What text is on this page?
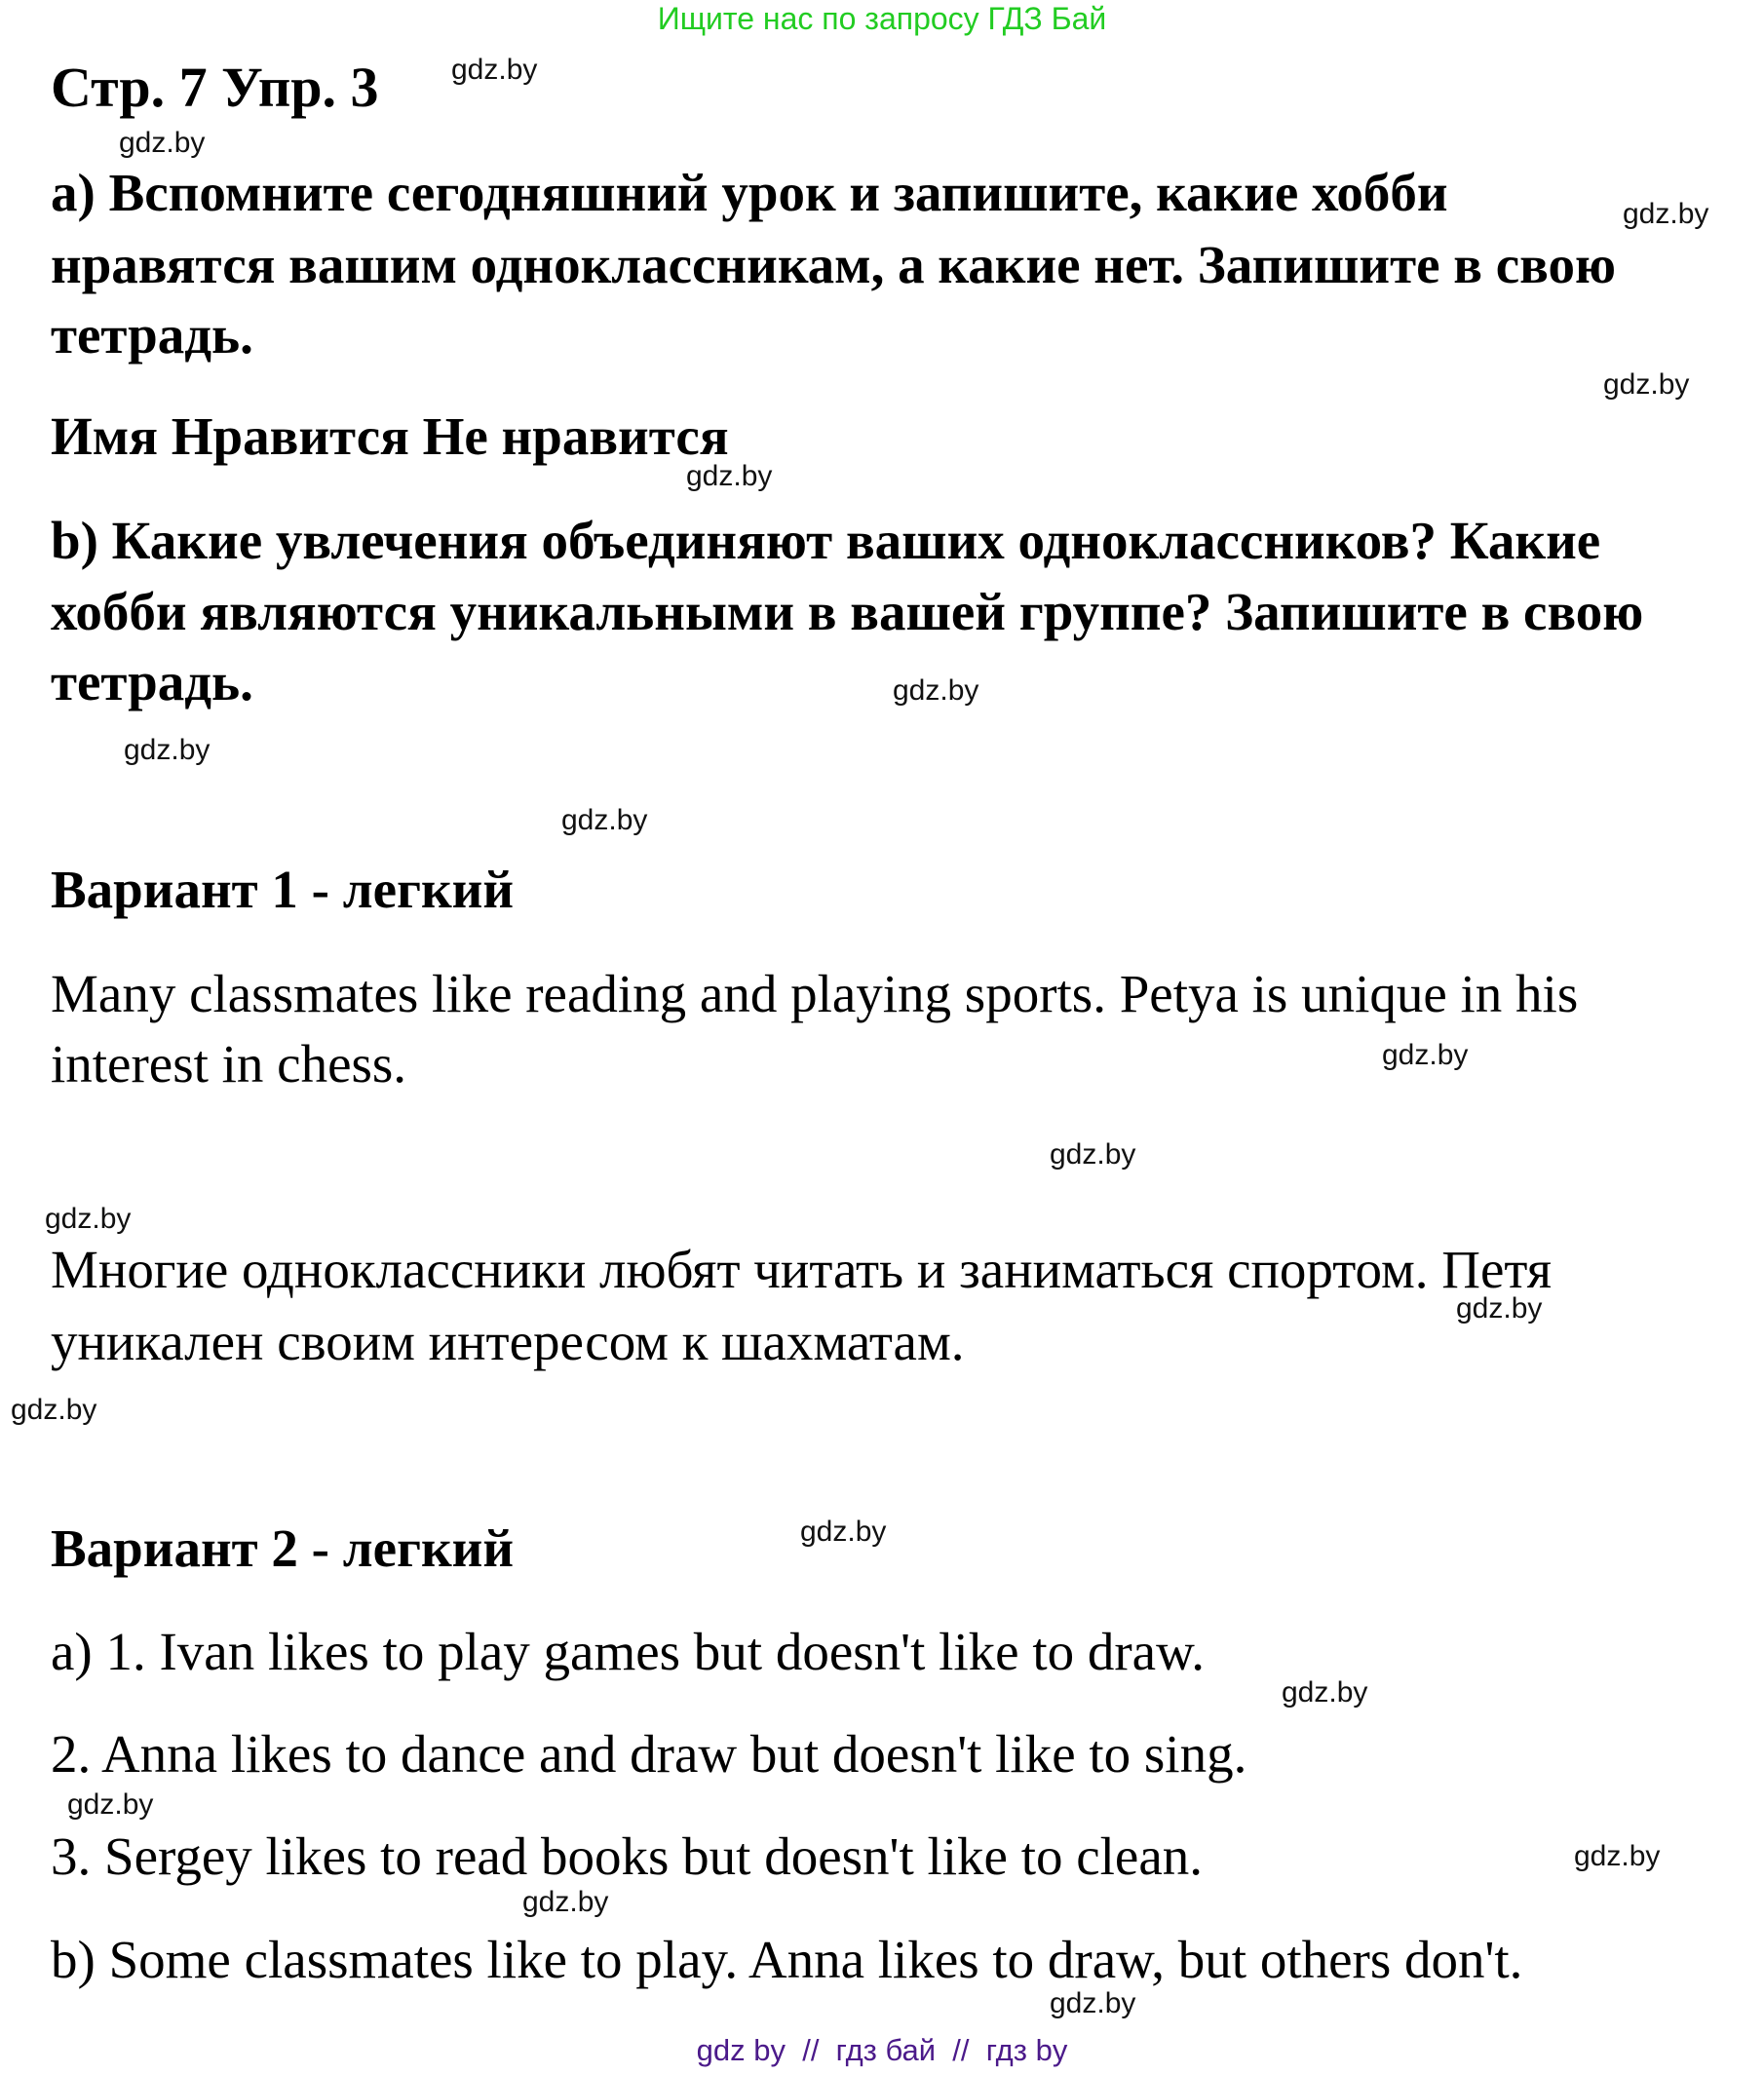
Ищите нас по запросу ГДЗ Бай
Стр. 7 Упр. 3
а) Вспомните сегодняшний урок и запишите, какие хобби
нравятся вашим одноклассникам, а какие нет. Запишите в свою
тетрадь.
Имя Нравится Не нравится
b) Какие увлечения объединяют ваших одноклассников? Какие
хобби являются уникальными в вашей группе? Запишите в свою
тетрадь.
Вариант 1 - легкий
Many classmates like reading and playing sports. Petya is unique in his
interest in chess.
Многие одноклассники любят читать и заниматься спортом. Петя
уникален своим интересом к шахматам.
Вариант 2 - легкий
а) 1. Ivan likes to play games but doesn't like to draw.
2. Anna likes to dance and draw but doesn't like to sing.
3. Sergey likes to read books but doesn't like to clean.
b) Some classmates like to play. Anna likes to draw, but others don't.
gdz.by
gdz.by
gdz.by
gdz.by
gdz.by
gdz.by
gdz.by
gdz.by
gdz.by
gdz.by
gdz.by
gdz.by
gdz.by
gdz.by
gdz.by
gdz.by
gdz.by
gdz.by
gdz.by
gdz by  //  гдз бай  //  гдз by
